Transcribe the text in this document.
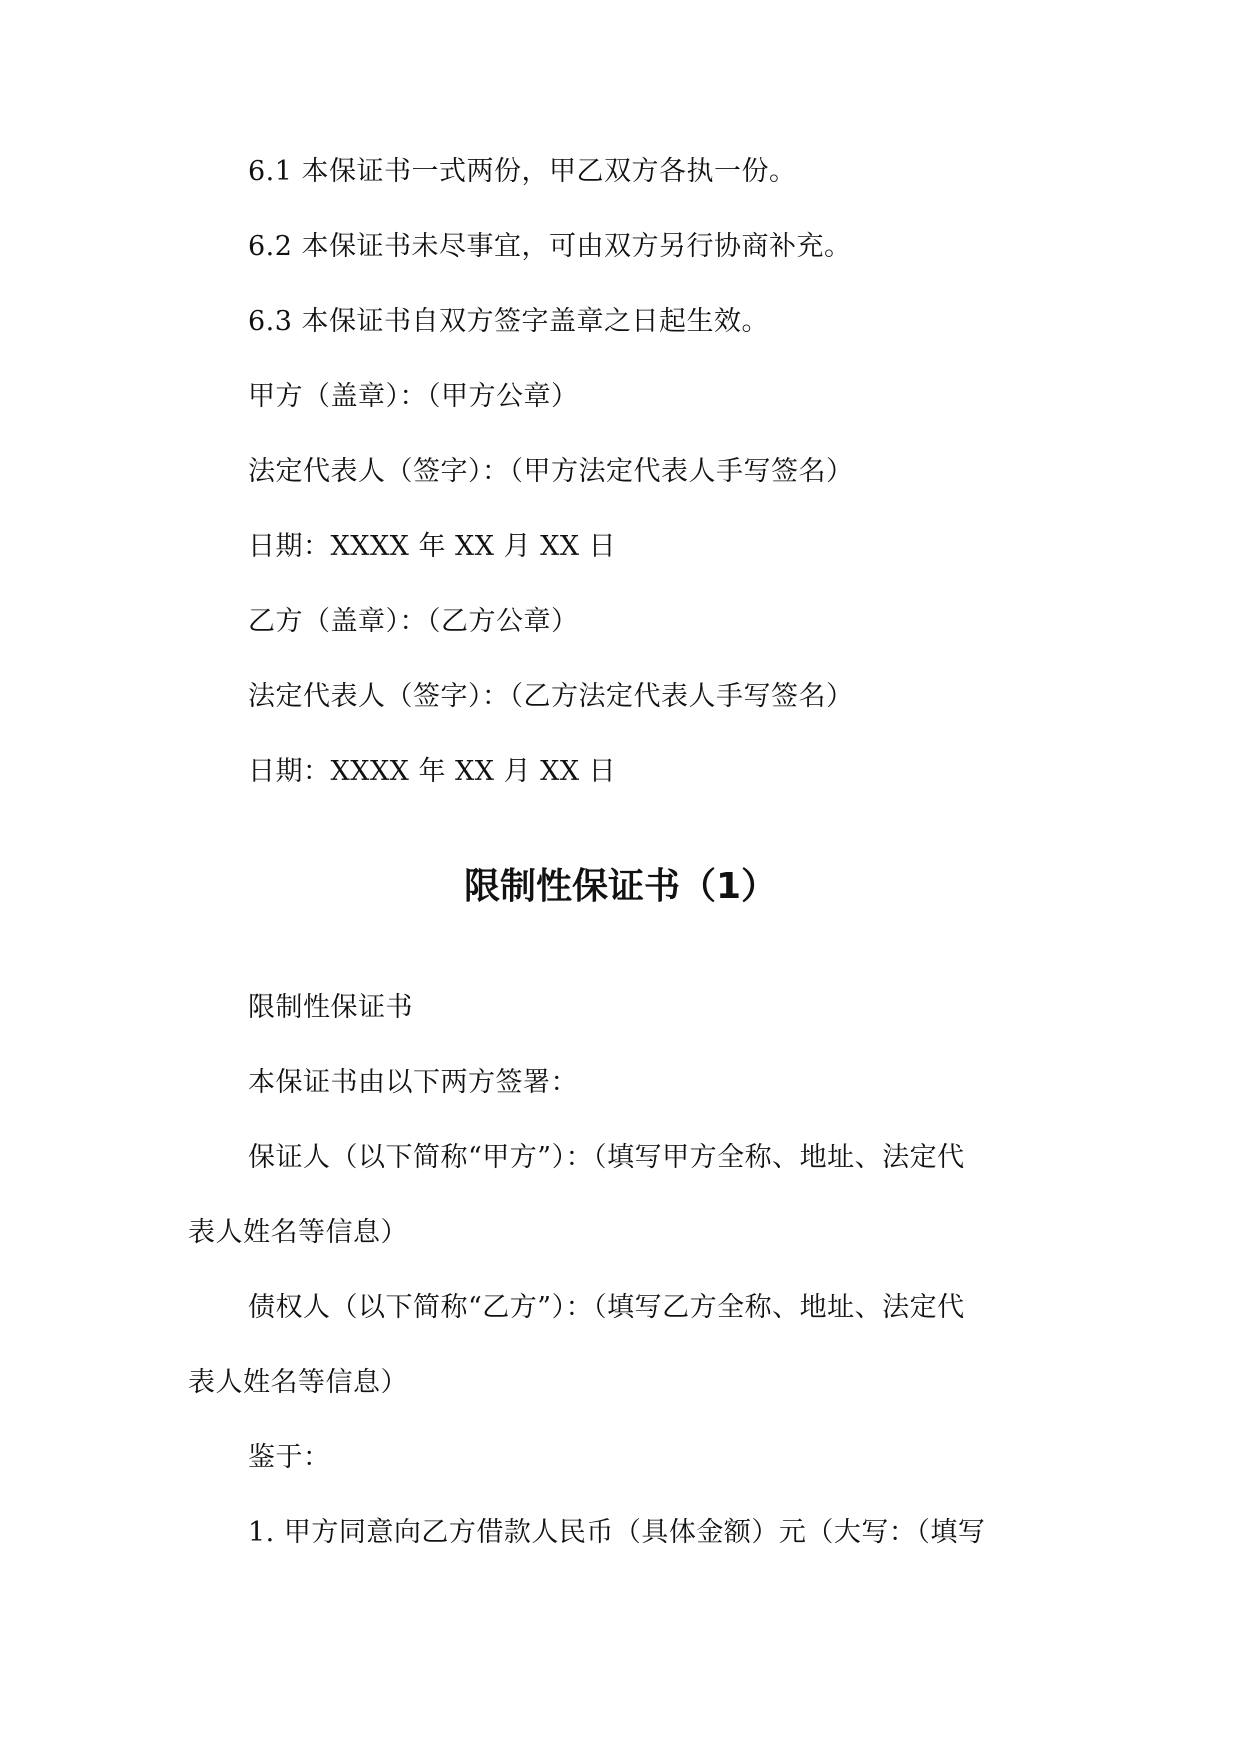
6.1 本保证书一式两份，甲乙双方各执一份。
6.2 本保证书未尽事宜，可由双方另行协商补充。
6.3 本保证书自双方签字盖章之日起生效。
甲方（盖章）：（甲方公章）
法定代表人（签字）：（甲方法定代表人手写签名）
日期：XXXX 年 XX 月 XX 日
乙方（盖章）：（乙方公章）
法定代表人（签字）：（乙方法定代表人手写签名）
日期：XXXX 年 XX 月 XX 日
限制性保证书（1）
限制性保证书
本保证书由以下两方签署：
保证人（以下简称“甲方”）：（填写甲方全称、地址、法定代
表人姓名等信息）
债权人（以下简称“乙方”）：（填写乙方全称、地址、法定代
表人姓名等信息）
鉴于：
1. 甲方同意向乙方借款人民币（具体金额）元（大写：（填写
